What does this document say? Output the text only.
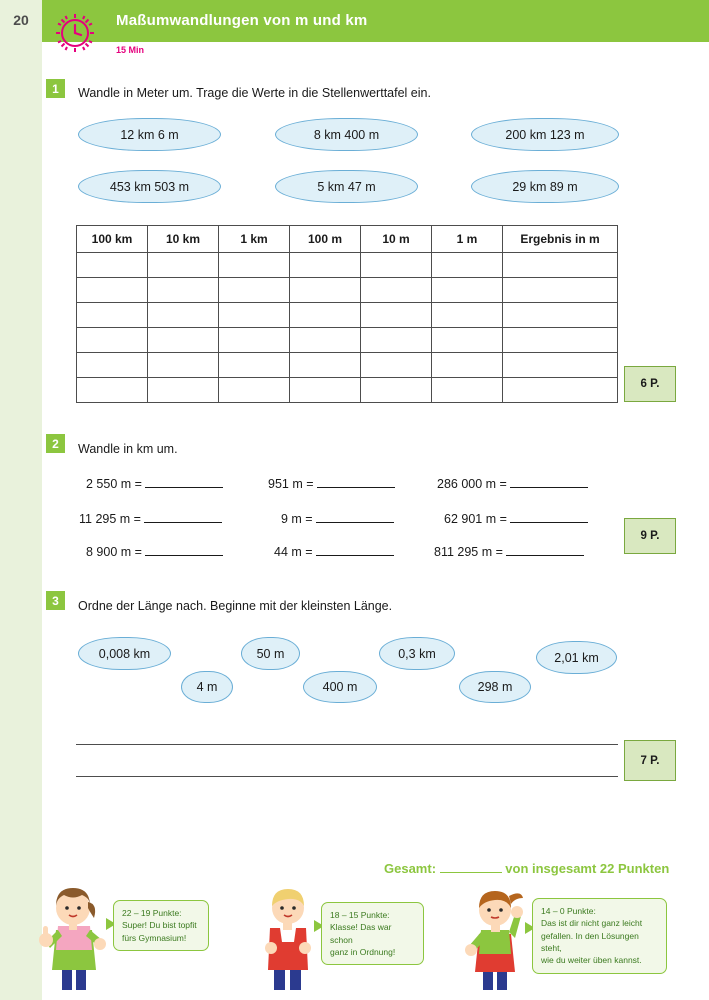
20	Maßumwandlungen von m und km
15 Min
1	Wandle in Meter um. Trage die Werte in die Stellenwerttafel ein.
12 km 6 m	8 km 400 m	200 km 123 m
453 km 503 m	5 km 47 m	29 km 89 m
100 km	10 km	1 km	100 m	10 m	1 m	Ergebnis in m

6 P.
2	Wandle in km um.
2 550 m =	951 m =	286 000 m =
11 295 m =	9 m =	62 901 m =
8 900 m =	44 m =	811 295 m =
9 P.
3	Ordne der Länge nach. Beginne mit der kleinsten Länge.
0,008 km	50 m	0,3 km	2,01 km
4 m	400 m	298 m
7 P.
Gesamt:	von insgesamt 22 Punkten
22 – 19 Punkte:
Super! Du bist topfit
fürs Gymnasium!
18 – 15 Punkte:
Klasse! Das war schon
ganz in Ordnung!
14 – 0 Punkte:
Das ist dir nicht ganz leicht
gefallen. In den Lösungen steht,
wie du weiter üben kannst.
